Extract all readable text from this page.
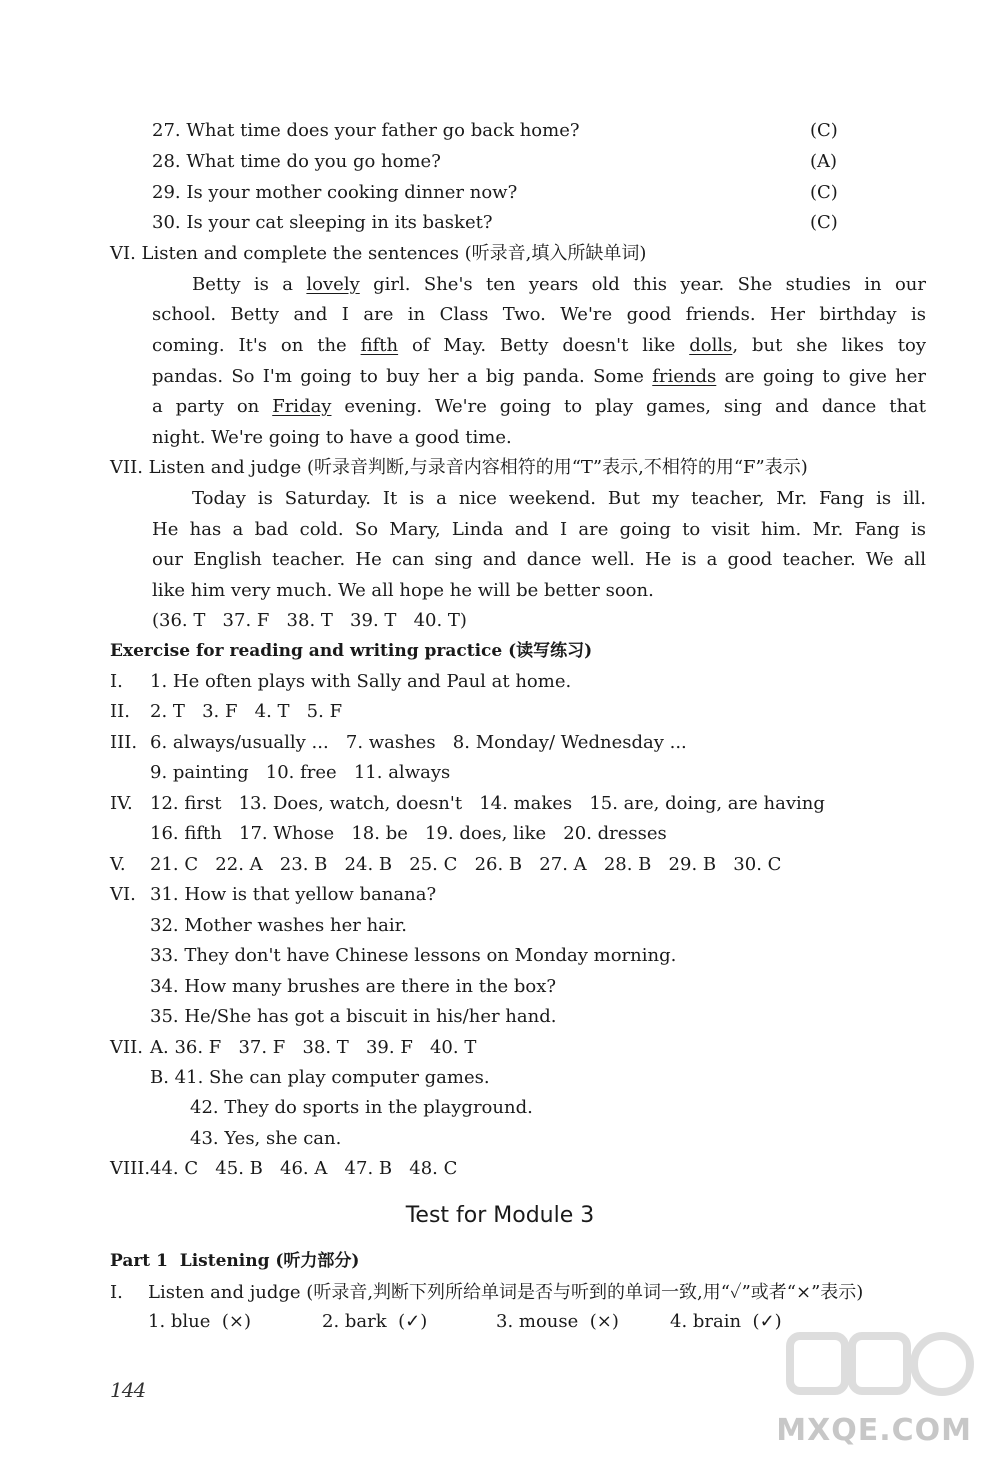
27. What time does your father go back home?	(C)
28. What time do you go home?	(A)
29. Is your mother cooking dinner now?	(C)
30. Is your cat sleeping in its basket?	(C)
VI. Listen and complete the sentences (听录音,填入所缺单词)
Betty is a lovely girl. She's ten years old this year. She studies in our
school. Betty and I are in Class Two. We're good friends. Her birthday is
coming. It's on the fifth of May. Betty doesn't like dolls, but she likes toy
pandas. So I'm going to buy her a big panda. Some friends are going to give her
a party on Friday evening. We're going to play games, sing and dance that
night. We're going to have a good time.
VII. Listen and judge (听录音判断,与录音内容相符的用“T”表示,不相符的用“F”表示)
Today is Saturday. It is a nice weekend. But my teacher, Mr. Fang is ill.
He has a bad cold. So Mary, Linda and I are going to visit him. Mr. Fang is
our English teacher. He can sing and dance well. He is a good teacher. We all
like him very much. We all hope he will be better soon.
(36. T   37. F   38. T   39. T   40. T)
Exercise for reading and writing practice (读写练习)
I. 1. He often plays with Sally and Paul at home.
II. 2. T   3. F   4. T   5. F
III. 6. always/usually ...   7. washes   8. Monday/ Wednesday ...
9. painting   10. free   11. always
IV. 12. first   13. Does, watch, doesn't   14. makes   15. are, doing, are having
16. fifth   17. Whose   18. be   19. does, like   20. dresses
V. 21. C   22. A   23. B   24. B   25. C   26. B   27. A   28. B   29. B   30. C
VI. 31. How is that yellow banana?
32. Mother washes her hair.
33. They don't have Chinese lessons on Monday morning.
34. How many brushes are there in the box?
35. He/She has got a biscuit in his/her hand.
VII. A. 36. F   37. F   38. T   39. F   40. T
B. 41. She can play computer games.
42. They do sports in the playground.
43. Yes, she can.
VIII. 44. C   45. B   46. A   47. B   48. C
Test for Module 3
Part 1  Listening (听力部分)
I. Listen and judge (听录音,判断下列所给单词是否与听到的单词一致,用“✓”或者“×”表示)
1. blue  (×)	2. bark  (✓)	3. mouse  (×)	4. brain  (✓)
144
MXQE.COM
